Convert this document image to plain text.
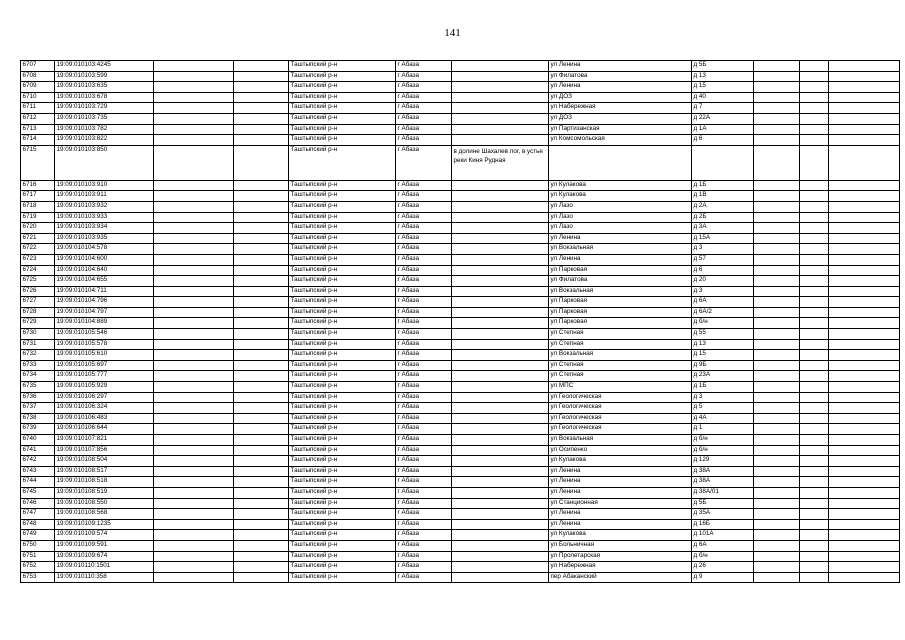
141
6707	19:09:010103:4245			Таштыпский р-н	г Абаза		ул Ленина	д 5Б			
6708	19:09:010103:599			Таштыпский р-н	г Абаза		ул Филатова	д 13			
6709	19:09:010103:635			Таштыпский р-н	г Абаза		ул Ленина	д 15			
6710	19:09:010103:678			Таштыпский р-н	г Абаза		ул ДОЗ	д 40			
6711	19:09:010103:729			Таштыпский р-н	г Абаза		ул Набережная	д 7			
6712	19:09:010103:735			Таштыпский р-н	г Абаза		ул ДОЗ	д 22А			
6713	19:09:010103:782			Таштыпский р-н	г Абаза		ул Партизанская	д 1А			
6714	19:09:010103:822			Таштыпский р-н	г Абаза		ул Комсомольская	д 6			
6715	19:09:010103:850			Таштыпский р-н	г Абаза	в долине Шахалев лог, в устье реки Киня Рудная					
6716	19:09:010103:910			Таштыпский р-н	г Абаза		ул Кулакова	д 1Б			
6717	19:09:010103:911			Таштыпский р-н	г Абаза		ул Кулакова	д 1В			
6718	19:09:010103:932			Таштыпский р-н	г Абаза		ул Лазо	д 2А			
6719	19:09:010103:933			Таштыпский р-н	г Абаза		ул Лазо	д 2Б			
6720	19:09:010103:934			Таштыпский р-н	г Абаза		ул Лазо	д 3А			
6721	19:09:010103:935			Таштыпский р-н	г Абаза		ул Ленина	д 15А			
6722	19:09:010104:578			Таштыпский р-н	г Абаза		ул Вокзальная	д 3			
6723	19:09:010104:600			Таштыпский р-н	г Абаза		ул Ленина	д 57			
6724	19:09:010104:640			Таштыпский р-н	г Абаза		ул Парковая	д 6			
6725	19:09:010104:655			Таштыпский р-н	г Абаза		ул Филатова	д 20			
6726	19:09:010104:711			Таштыпский р-н	г Абаза		ул Вокзальная	д 3			
6727	19:09:010104:796			Таштыпский р-н	г Абаза		ул Парковая	д 6А			
6728	19:09:010104:797			Таштыпский р-н	г Абаза		ул Парковая	д 6А/2			
6729	19:09:010104:889			Таштыпский р-н	г Абаза		ул Парковая	д б/н			
6730	19:09:010105:546			Таштыпский р-н	г Абаза		ул Степная	д 55			
6731	19:09:010105:578			Таштыпский р-н	г Абаза		ул Степная	д 13			
6732	19:09:010105:610			Таштыпский р-н	г Абаза		ул Вокзальная	д 15			
6733	19:09:010105:697			Таштыпский р-н	г Абаза		ул Степная	д 9Б			
6734	19:09:010105:777			Таштыпский р-н	г Абаза		ул Степная	д 23А			
6735	19:09:010105:929			Таштыпский р-н	г Абаза		ул МПС	д 1Б			
6736	19:09:010106:297			Таштыпский р-н	г Абаза		ул Геологическая	д 3			
6737	19:09:010106:324			Таштыпский р-н	г Абаза		ул Геологическая	д 5			
6738	19:09:010106:483			Таштыпский р-н	г Абаза		ул Геологическая	д 4А			
6739	19:09:010106:644			Таштыпский р-н	г Абаза		ул Геологическая	д 1			
6740	19:09:010107:821			Таштыпский р-н	г Абаза		ул Вокзальная	д б/н			
6741	19:09:010107:856			Таштыпский р-н	г Абаза		ул Осипенко	д б/н			
6742	19:09:010108:504			Таштыпский р-н	г Абаза		ул Кулакова	д 129			
6743	19:09:010108:517			Таштыпский р-н	г Абаза		ул Ленина	д 38А			
6744	19:09:010108:518			Таштыпский р-н	г Абаза		ул Ленина	д 38А			
6745	19:09:010108:519			Таштыпский р-н	г Абаза		ул Ленина	д 38А/01			
6746	19:09:010108:550			Таштыпский р-н	г Абаза		ул Станционная	д 5Б			
6747	19:09:010108:568			Таштыпский р-н	г Абаза		ул Ленина	д 35А			
6748	19:09:010109:1235			Таштыпский р-н	г Абаза		ул Ленина	д 16Б			
6749	19:09:010109:574			Таштыпский р-н	г Абаза		ул Кулакова	д 101А			
6750	19:09:010109:591			Таштыпский р-н	г Абаза		ул Больничная	д 6А			
6751	19:09:010109:674			Таштыпский р-н	г Абаза		ул Пролетарская	д б/н			
6752	19:09:010110:1501			Таштыпский р-н	г Абаза		ул Набережная	д 26			
6753	19:09:010110:358			Таштыпский р-н	г Абаза		пер Абаканский	д 9			
